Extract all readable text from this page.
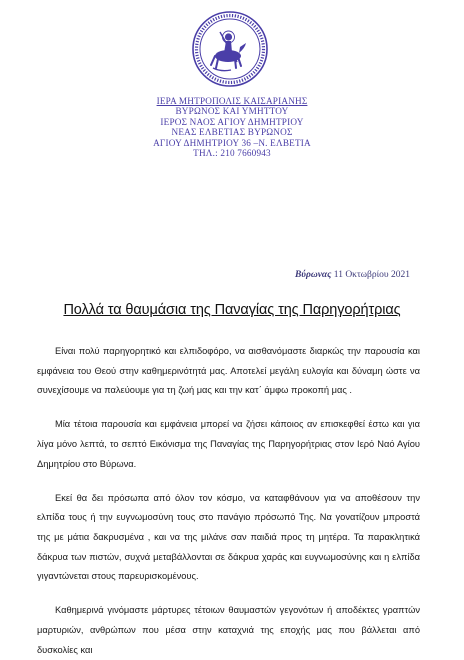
ΙΕΡΑ ΜΗΤΡΟΠΟΛΙΣ ΚΑΙΣΑΡΙΑΝΗΣ
ΒΥΡΩΝΟΣ ΚΑΙ ΥΜΗΤΤΟΥ
ΙΕΡΟΣ ΝΑΟΣ ΑΓΙΟΥ ΔΗΜΗΤΡΙΟΥ
ΝΕΑΣ ΕΛΒΕΤΙΑΣ ΒΥΡΩΝΟΣ
ΑΓΙΟΥ ΔΗΜΗΤΡΙΟΥ 36 –Ν. ΕΛΒΕΤΙΑ
ΤΗΛ.: 210 7660943
Βύρωνας 11 Οκτωβρίου 2021
Πολλά τα θαυμάσια της Παναγίας της Παρηγορήτριας

Είναι πολύ παρηγορητικό και ελπιδοφόρο, να αισθανόμαστε διαρκώς την παρουσία και εμφάνεια του Θεού στην καθημερινότητά μας. Αποτελεί μεγάλη ευλογία και δύναμη ώστε να συνεχίσουμε να παλεύουμε για τη ζωή μας και την κατ΄ άμφω προκοπή μας .

Μία τέτοια παρουσία και εμφάνεια μπορεί να ζήσει κάποιος αν επισκεφθεί έστω και για λίγα μόνο λεπτά, το σεπτό Εικόνισμα της Παναγίας της Παρηγορήτριας στον Ιερό Ναό Αγίου Δημητρίου στο Βύρωνα.

Εκεί θα δει πρόσωπα από όλον τον κόσμο, να καταφθάνουν για να αποθέσουν την ελπίδα τους ή την ευγνωμοσύνη τους στο πανάγιο πρόσωπό Της. Να γονατίζουν μπροστά της με μάτια δακρυσμένα , και να της μιλάνε σαν παιδιά προς τη μητέρα. Τα παρακλητικά δάκρυα των πιστών, συχνά μεταβάλλονται σε δάκρυα χαράς και ευγνωμοσύνης και η ελπίδα γιγαντώνεται στους παρευρισκομένους.

Καθημερινά γινόμαστε μάρτυρες τέτοιων θαυμαστών γεγονότων ή αποδέκτες γραπτών μαρτυριών, ανθρώπων που μέσα στην καταχνιά της εποχής μας που βάλλεται από δυσκολίες και
